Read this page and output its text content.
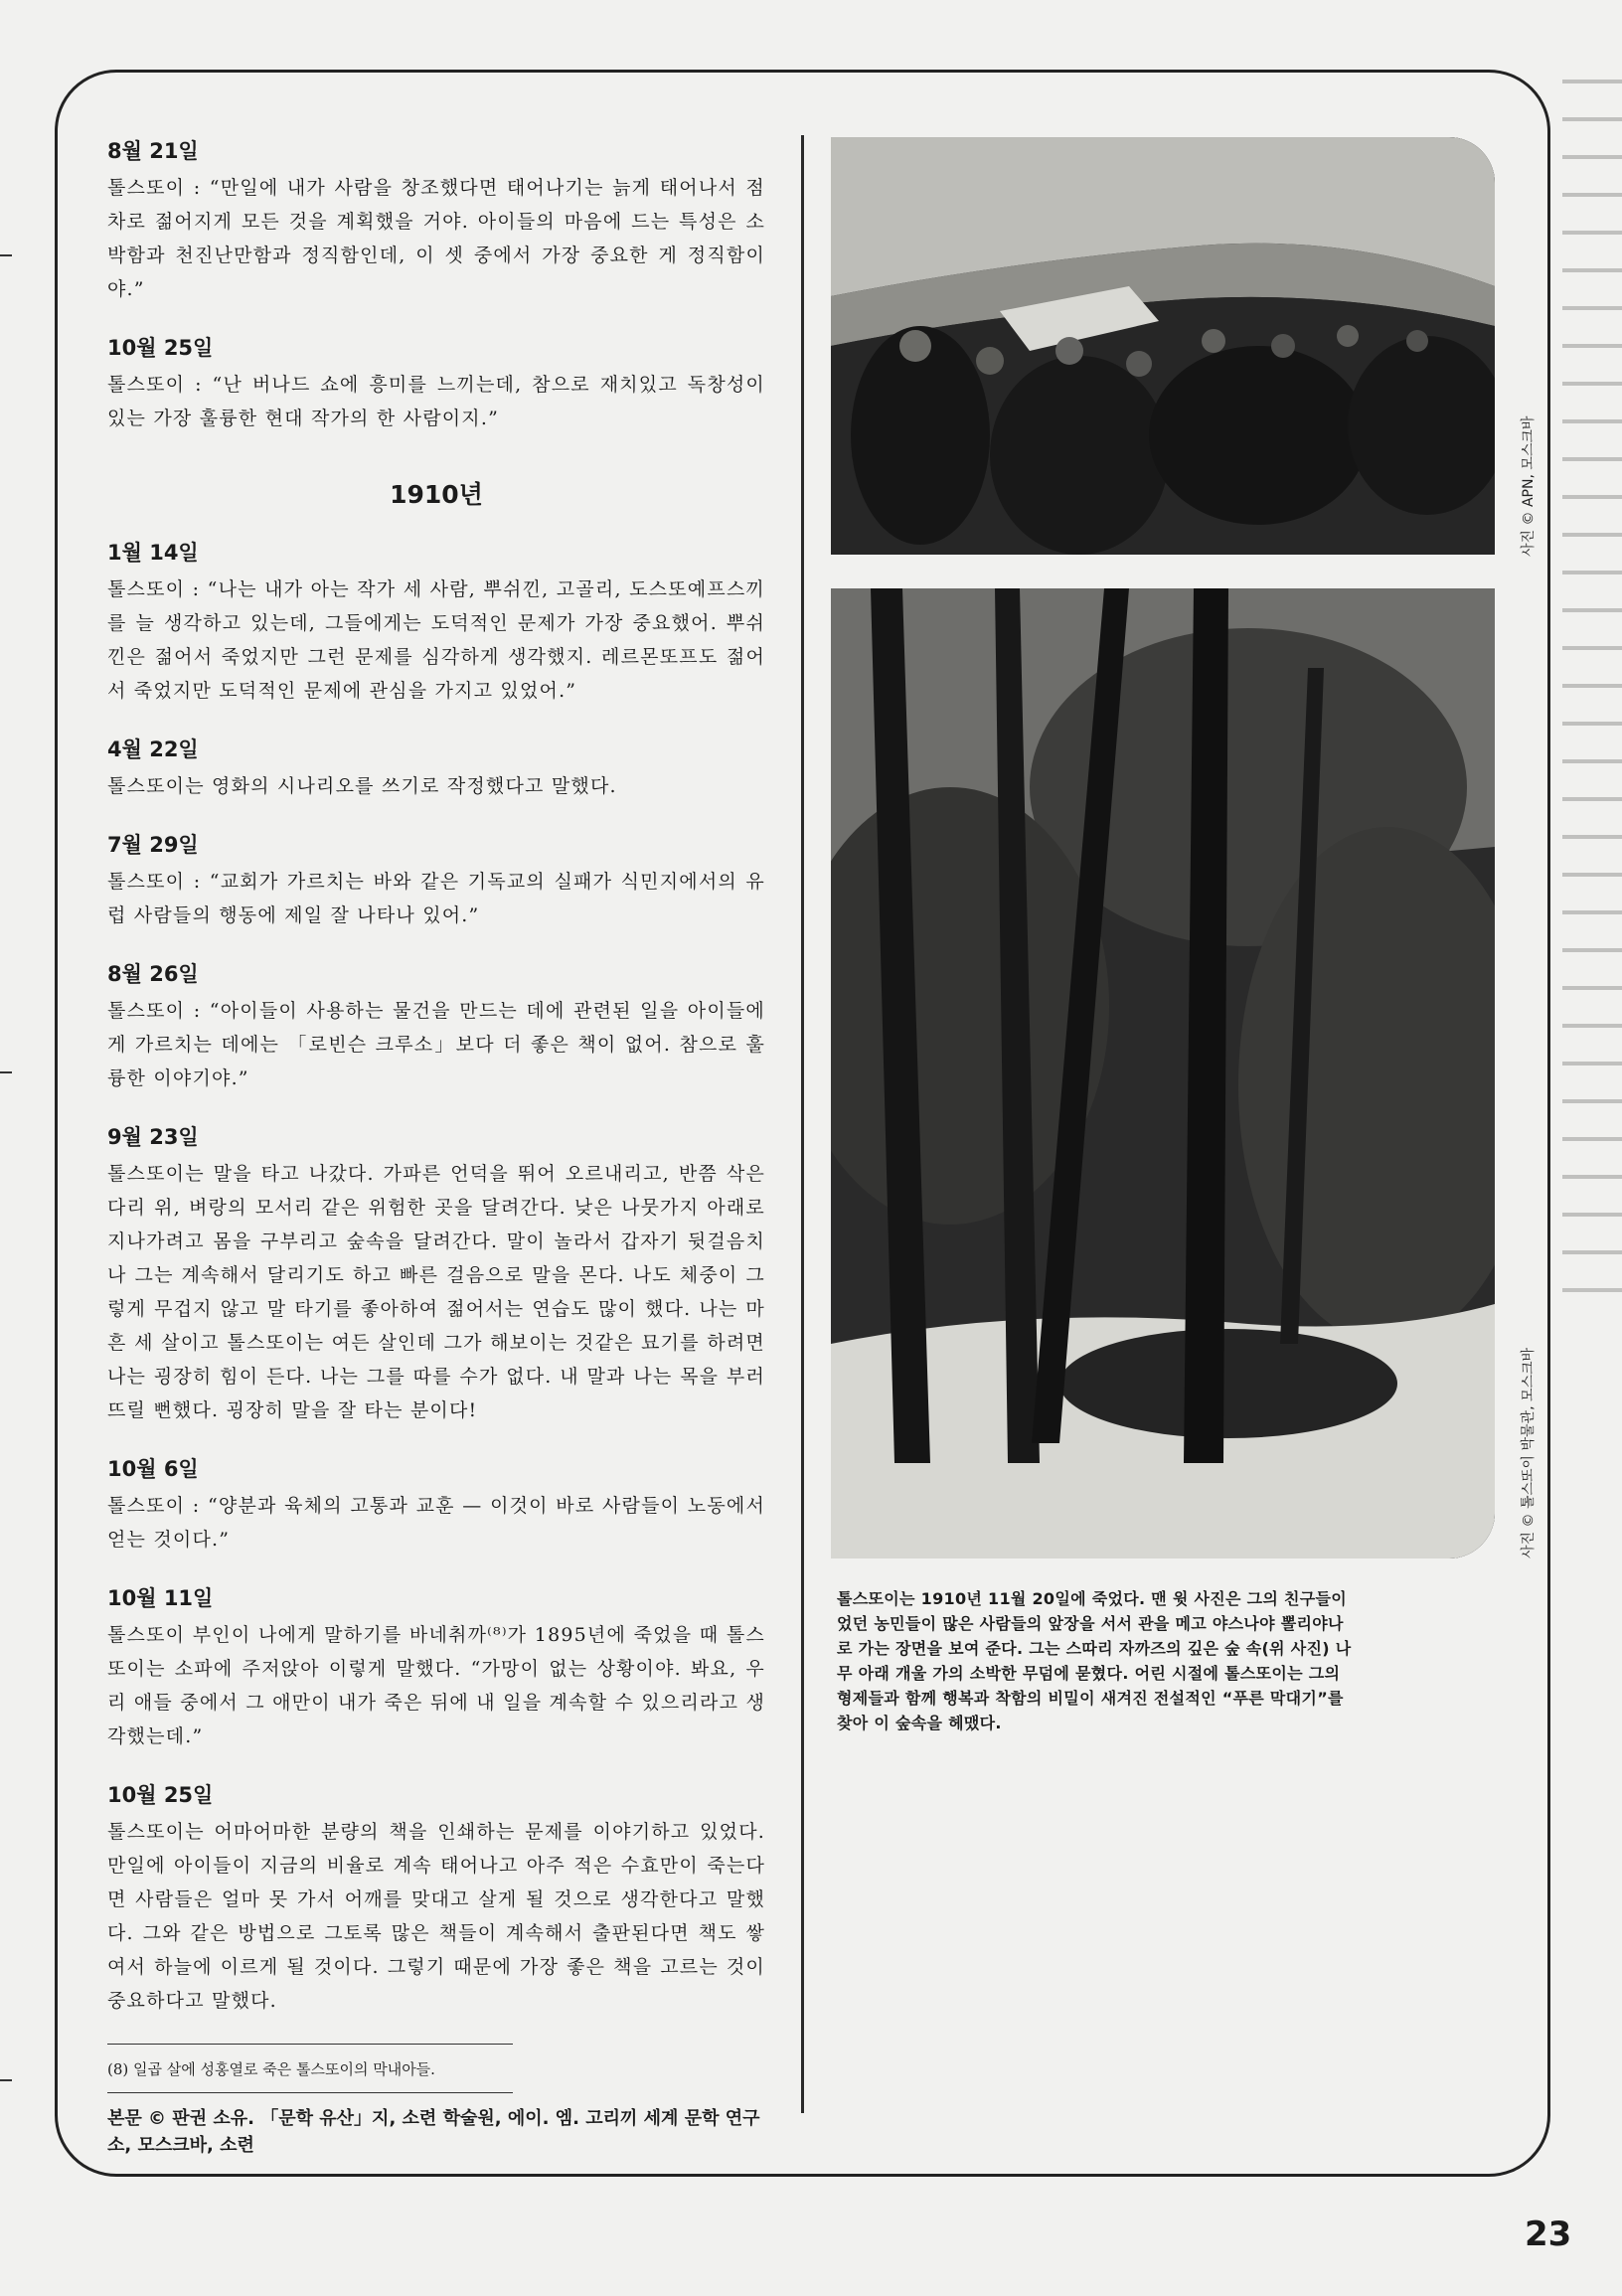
8월 21일

톨스또이 : “만일에 내가 사람을 창조했다면 태어나기는 늙게 태어나서 점차로 젊어지게 모든 것을 계획했을 거야. 아이들의 마음에 드는 특성은 소박함과 천진난만함과 정직함인데, 이 셋 중에서 가장 중요한 게 정직함이야.”

10월 25일

톨스또이 : “난 버나드 쇼에 흥미를 느끼는데, 참으로 재치있고 독창성이 있는 가장 훌륭한 현대 작가의 한 사람이지.”

1910년

1월 14일

톨스또이 : “나는 내가 아는 작가 세 사람, 뿌쉬낀, 고골리, 도스또예프스끼를 늘 생각하고 있는데, 그들에게는 도덕적인 문제가 가장 중요했어. 뿌쉬낀은 젊어서 죽었지만 그런 문제를 심각하게 생각했지. 레르몬또프도 젊어서 죽었지만 도덕적인 문제에 관심을 가지고 있었어.”

4월 22일

톨스또이는 영화의 시나리오를 쓰기로 작정했다고 말했다.

7월 29일

톨스또이 : “교회가 가르치는 바와 같은 기독교의 실패가 식민지에서의 유럽 사람들의 행동에 제일 잘 나타나 있어.”

8월 26일

톨스또이 : “아이들이 사용하는 물건을 만드는 데에 관련된 일을 아이들에게 가르치는 데에는 「로빈슨 크루소」보다 더 좋은 책이 없어. 참으로 훌륭한 이야기야.”

9월 23일

톨스또이는 말을 타고 나갔다. 가파른 언덕을 뛰어 오르내리고, 반쯤 삭은 다리 위, 벼랑의 모서리 같은 위험한 곳을 달려간다. 낮은 나뭇가지 아래로 지나가려고 몸을 구부리고 숲속을 달려간다. 말이 놀라서 갑자기 뒷걸음치나 그는 계속해서 달리기도 하고 빠른 걸음으로 말을 몬다. 나도 체중이 그렇게 무겁지 않고 말 타기를 좋아하여 젊어서는 연습도 많이 했다. 나는 마흔 세 살이고 톨스또이는 여든 살인데 그가 해보이는 것같은 묘기를 하려면 나는 굉장히 힘이 든다. 나는 그를 따를 수가 없다. 내 말과 나는 목을 부러뜨릴 뻔했다. 굉장히 말을 잘 타는 분이다!

10월 6일

톨스또이 : “양분과 육체의 고통과 교훈 — 이것이 바로 사람들이 노동에서 얻는 것이다.”

10월 11일

톨스또이 부인이 나에게 말하기를 바네취까⁽⁸⁾가 1895년에 죽었을 때 톨스또이는 소파에 주저앉아 이렇게 말했다. “가망이 없는 상황이야. 봐요, 우리 애들 중에서 그 애만이 내가 죽은 뒤에 내 일을 계속할 수 있으리라고 생각했는데.”

10월 25일

톨스또이는 어마어마한 분량의 책을 인쇄하는 문제를 이야기하고 있었다. 만일에 아이들이 지금의 비율로 계속 태어나고 아주 적은 수효만이 죽는다면 사람들은 얼마 못 가서 어깨를 맞대고 살게 될 것으로 생각한다고 말했다. 그와 같은 방법으로 그토록 많은 책들이 계속해서 출판된다면 책도 쌓여서 하늘에 이르게 될 것이다. 그렇기 때문에 가장 좋은 책을 고르는 것이 중요하다고 말했다.

(8) 일곱 살에 성홍열로 죽은 톨스또이의 막내아들.

본문 © 판권 소유. 「문학 유산」지, 소련 학술원, 에이. 엠. 고리끼 세계 문학 연구소, 모스크바, 소련

사진 © APN, 모스크바
사진 © 톨스또이 박물관, 모스크바

톨스또이는 1910년 11월 20일에 죽었다. 맨 윗 사진은 그의 친구들이었던 농민들이 많은 사람들의 앞장을 서서 관을 메고 야스나야 뽈리야나로 가는 장면을 보여 준다. 그는 스따리 자까즈의 깊은 숲 속(위 사진) 나무 아래 개울 가의 소박한 무덤에 묻혔다. 어린 시절에 톨스또이는 그의 형제들과 함께 행복과 착함의 비밀이 새겨진 전설적인 “푸른 막대기”를 찾아 이 숲속을 헤맸다.

23
